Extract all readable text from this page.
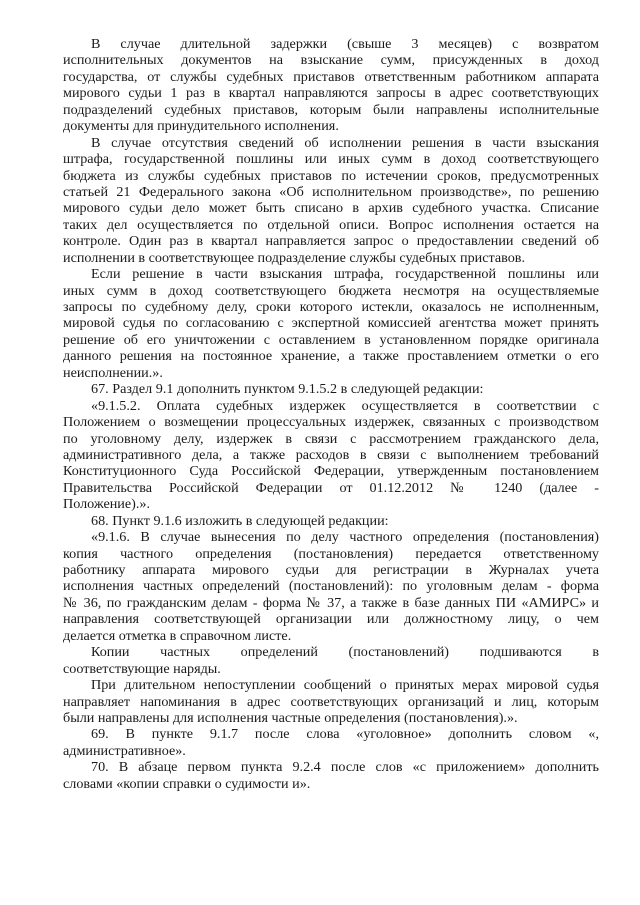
В случае длительной задержки (свыше 3 месяцев) с возвратом
исполнительных документов на взыскание сумм, присужденных в доход
государства, от службы судебных приставов ответственным работником аппарата
мирового судьи 1 раз в квартал направляются запросы в адрес соответствующих
подразделений судебных приставов, которым были направлены исполнительные
документы для принудительного исполнения.
В случае отсутствия сведений об исполнении решения в части взыскания
штрафа, государственной пошлины или иных сумм в доход соответствующего
бюджета из службы судебных приставов по истечении сроков, предусмотренных
статьей 21 Федерального закона «Об исполнительном производстве», по решению
мирового судьи дело может быть списано в архив судебного участка. Списание
таких дел осуществляется по отдельной описи. Вопрос исполнения остается на
контроле. Один раз в квартал направляется запрос о предоставлении сведений об
исполнении в соответствующее подразделение службы судебных приставов.
Если решение в части взыскания штрафа, государственной пошлины или
иных сумм в доход соответствующего бюджета несмотря на осуществляемые
запросы по судебному делу, сроки которого истекли, оказалось не исполненным,
мировой судья по согласованию с экспертной комиссией агентства может принять
решение об его уничтожении с оставлением в установленном порядке оригинала
данного решения на постоянное хранение, а также проставлением отметки о его
неисполнении.».
67. Раздел 9.1 дополнить пунктом 9.1.5.2 в следующей редакции:
«9.1.5.2. Оплата судебных издержек осуществляется в соответствии с
Положением о возмещении процессуальных издержек, связанных с производством
по уголовному делу, издержек в связи с рассмотрением гражданского дела,
административного дела, а также расходов в связи с выполнением требований
Конституционного Суда Российской Федерации, утвержденным постановлением
Правительства Российской Федерации от 01.12.2012 № 1240 (далее -
Положение).».
68. Пункт 9.1.6 изложить в следующей редакции:
«9.1.6. В случае вынесения по делу частного определения (постановления)
копия частного определения (постановления) передается ответственному
работнику аппарата мирового судьи для регистрации в Журналах учета
исполнения частных определений (постановлений): по уголовным делам - форма
№ 36, по гражданским делам - форма № 37, а также в базе данных ПИ «АМИРС» и
направления соответствующей организации или должностному лицу, о чем
делается отметка в справочном листе.
Копии частных определений (постановлений) подшиваются в
соответствующие наряды.
При длительном непоступлении сообщений о принятых мерах мировой судья
направляет напоминания в адрес соответствующих организаций и лиц, которым
были направлены для исполнения частные определения (постановления).».
69. В пункте 9.1.7 после слова «уголовное» дополнить словом «,
административное».
70. В абзаце первом пункта 9.2.4 после слов «с приложением» дополнить
словами «копии справки о судимости и».
